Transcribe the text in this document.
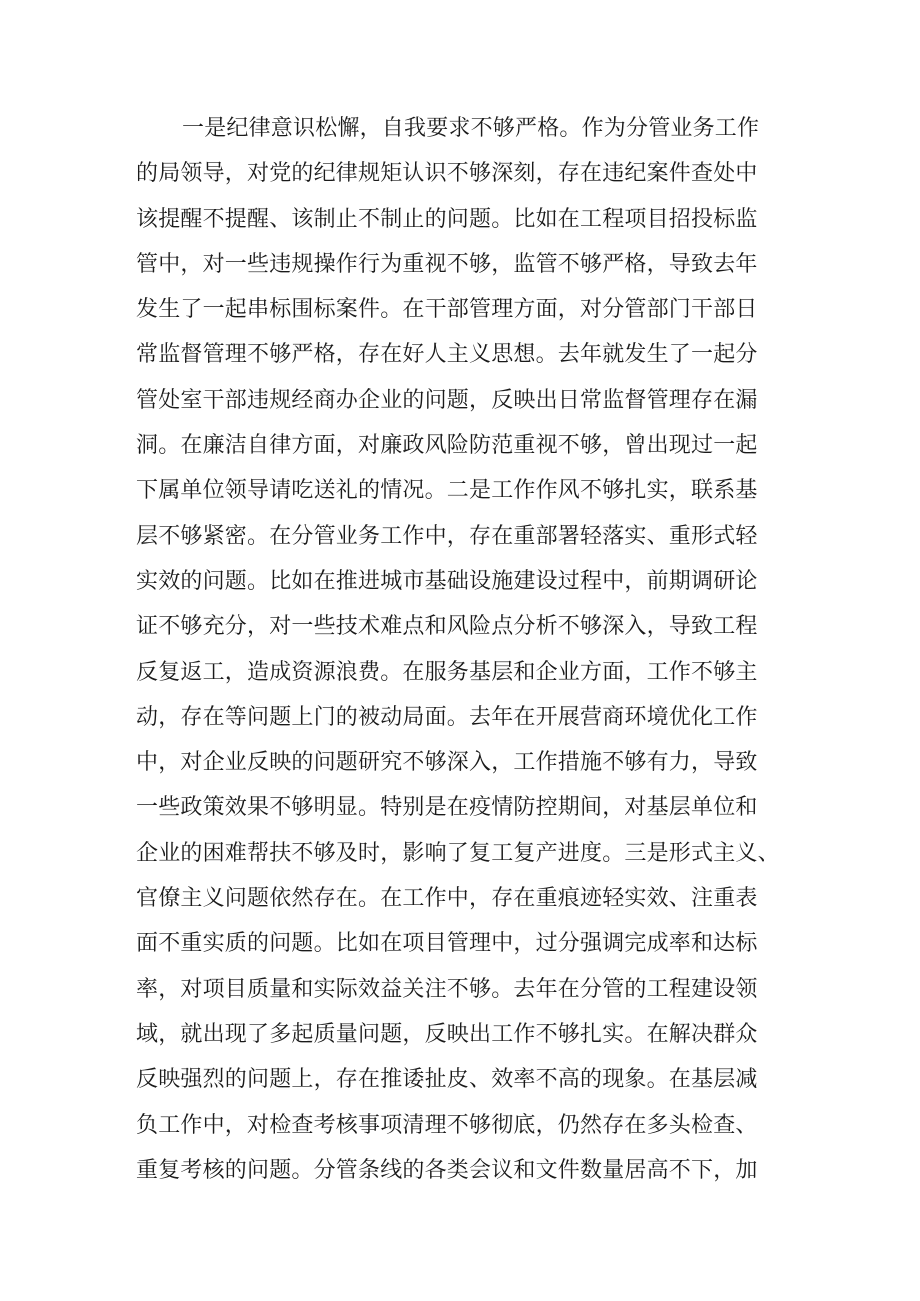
一是纪律意识松懈，自我要求不够严格。作为分管业务工作
的局领导，对党的纪律规矩认识不够深刻，存在违纪案件查处中
该提醒不提醒、该制止不制止的问题。比如在工程项目招投标监
管中，对一些违规操作行为重视不够，监管不够严格，导致去年
发生了一起串标围标案件。在干部管理方面，对分管部门干部日
常监督管理不够严格，存在好人主义思想。去年就发生了一起分
管处室干部违规经商办企业的问题，反映出日常监督管理存在漏
洞。在廉洁自律方面，对廉政风险防范重视不够，曾出现过一起
下属单位领导请吃送礼的情况。二是工作作风不够扎实，联系基
层不够紧密。在分管业务工作中，存在重部署轻落实、重形式轻
实效的问题。比如在推进城市基础设施建设过程中，前期调研论
证不够充分，对一些技术难点和风险点分析不够深入，导致工程
反复返工，造成资源浪费。在服务基层和企业方面，工作不够主
动，存在等问题上门的被动局面。去年在开展营商环境优化工作
中，对企业反映的问题研究不够深入，工作措施不够有力，导致
一些政策效果不够明显。特别是在疫情防控期间，对基层单位和
企业的困难帮扶不够及时，影响了复工复产进度。三是形式主义、
官僚主义问题依然存在。在工作中，存在重痕迹轻实效、注重表
面不重实质的问题。比如在项目管理中，过分强调完成率和达标
率，对项目质量和实际效益关注不够。去年在分管的工程建设领
域，就出现了多起质量问题，反映出工作不够扎实。在解决群众
反映强烈的问题上，存在推诿扯皮、效率不高的现象。在基层减
负工作中，对检查考核事项清理不够彻底，仍然存在多头检查、
重复考核的问题。分管条线的各类会议和文件数量居高不下，加
